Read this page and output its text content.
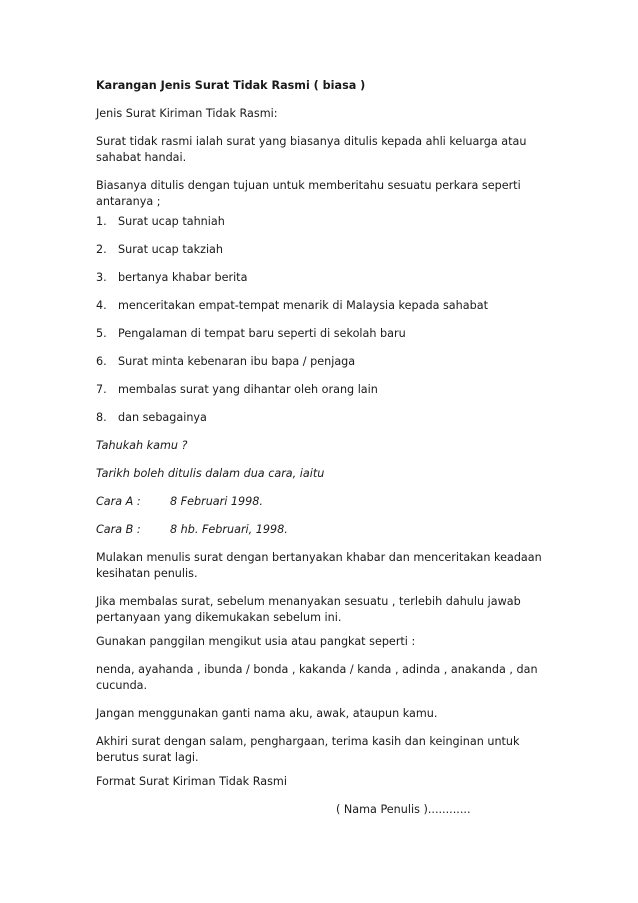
Karangan Jenis Surat Tidak Rasmi ( biasa )
Jenis Surat Kiriman Tidak Rasmi:
Surat tidak rasmi ialah surat yang biasanya ditulis kepada ahli keluarga atau
sahabat handai.
Biasanya ditulis dengan tujuan untuk memberitahu sesuatu perkara seperti
antaranya ;
1. Surat ucap tahniah
2. Surat ucap takziah
3. bertanya khabar berita
4. menceritakan empat-tempat menarik di Malaysia kepada sahabat
5. Pengalaman di tempat baru seperti di sekolah baru
6. Surat minta kebenaran ibu bapa / penjaga
7. membalas surat yang dihantar oleh orang lain
8. dan sebagainya
Tahukah kamu ?
Tarikh boleh ditulis dalam dua cara, iaitu
Cara A :	8 Februari 1998.
Cara B :	8 hb. Februari, 1998.
Mulakan menulis surat dengan bertanyakan khabar dan menceritakan keadaan
kesihatan penulis.
Jika membalas surat, sebelum menanyakan sesuatu , terlebih dahulu jawab
pertanyaan yang dikemukakan sebelum ini.
Gunakan panggilan mengikut usia atau pangkat seperti :
nenda, ayahanda , ibunda / bonda , kakanda / kanda , adinda , anakanda , dan
cucunda.
Jangan menggunakan ganti nama aku, awak, ataupun kamu.
Akhiri surat dengan salam, penghargaan, terima kasih dan keinginan untuk
berutus surat lagi.
Format Surat Kiriman Tidak Rasmi
( Nama Penulis )............
